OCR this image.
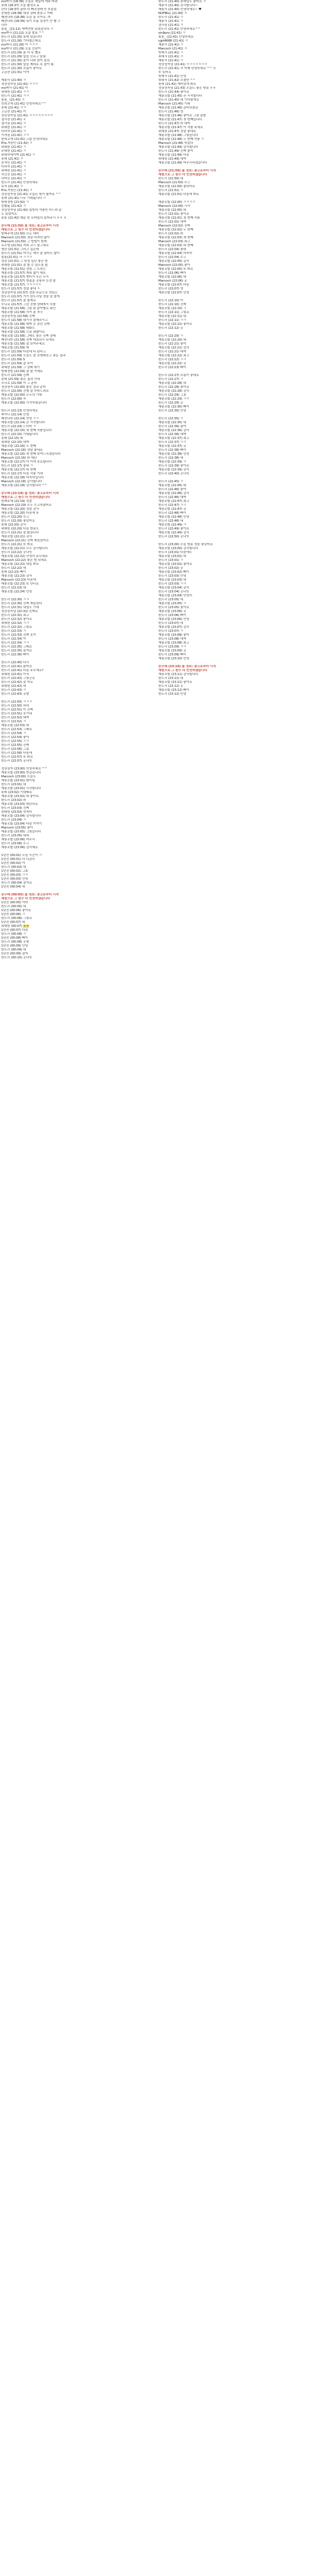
mo박사 (18:36) 오늘은 채널에 개속 바뀌 　
롯데 (18:37) 오늘 활성포 a
난다 (18:37) 올라 다 빠진상태 안 부분있
중대한 (18:38) 대장 상태 좋았고 거래
패션나라 (18:38) 요즘 흥 모아요. 마
패션나라 (18:39) 특이 흐름 설정이 안 빨 스
니다
통통_ (21:12) 새벽연방 났었습니다 ㅋ
mo박사 (21:12) 오늘 발표 ^^
한도리 (21:25) 롯데 있습니다
한도리 (21:26) 기다렸는데요
mo박사 (21:26) 아 ㅋㅋㅋ
mo박사 (21:29) 오늘 등판이
한도리 (21:29) 몸 다 못 뺐죠
한도리 (21:29) 앞을 모르고 달림
한도리 (21:30) 흥이 나와 앉아 올린
한도리 (21:30) 앞을 제대로 못 잡아 봄
한도리 (21:30) 흐름이 좋아요
고금잔 (21:31) 이야
재봉사 (21:40) ㅋ
정상상자님 (21:41) ㅋㅋㅋ
mo박사 (21:41) 아
위대한 (21:41) ㅋㅋ
한도리 (21:41) ㅋㅋ
통통_ (21:41) ㅋ
친희코게 (21:41) 안녕하세요^^
롯데 (21:41) ㅋㅋ
고금잔 (21:41) 키
정상상자님 (21:41) ㅋㅋㅋㅋㅋㅋㅋㅋ
결사장 (21:41) ㅎ
결사장 (21:41) ㅋ
위대한 (21:41) ㅋ
다하자 (21:41) ㅋ
가격심 (21:41) ㅋㅋ
한희코게 (21:41) 고맙 안녕하세요
Pris.지원인 (21:41) ㅋ
위대한 (21:41) ㅋ
주대한 (21:41) ㅋ
위대하세이며 (21:41) ㅋ
롯데 (21:41) ㅋ
중적인 (21:41) ㅋ
다하자 (21:41) ㅋ
위대한 (21:41) ㅋ
작간진 (21:41) ㅋ
나마신 (21:41) ㅋ
한도리 (21:41) 안녕하세요
녹지 (21:41) ㅋ
Pris.지원인 (21:41) ㅋ
정상상자님 (21:41) 오늘은 뭔가 될까요 ^^
롯데 (21:41) 너무 기대됩니다 ㅋ
방해정방 (21:42) ㅋ
망했됩 (21:42) ㅋ
정상상자님 (21:42) 일방의 작품만 하느라 준
노 있었어요
통통 (21:42) 행운 한 모바일의 들어주시 ㅎㅎ ㅎ
중무래 (21:50) 불 정보: 광고로부터 시작
재원으로 그 원수 다 안전하겠습니다
방해주세 (21:50) 모든 대비
Marcoch (21:50) 정말 하려면 많아
Marcoch (21:50) 그 방법이 원래
유수엘 (21:51) 저희 코스 말그대로
명란 (21:51) 그러고 싶은데
한도리 (21:51) 여기는 제가 잘 열어도 많이
통통(21:51) 사 ㅋㅋㅋ
정장 (21:51) 그 원정 일단 좋은 방
위대한 (21:51) 잘 할 수 있도록 쉽
재봉조합 (21:51) 정말 그 도하는
재봉조합 (21:57) 계획 없이 해요
통통조합 (21:57) 엔터가 무슨 무시
재봉조합 (21:57) 방출을 공통하 신경 쓸
재봉조합 (21:57) ㅋㅋㅋㅋㅋ
한도리 (21:57) 정말 좋네 ㅋ
정상상자님 (21:57) 정말 주문으로 멋있는
한도리 (21:57) 거기 한도리님 정말 잘 볼게
한도리 (21:57) 잘 볼게요
모니로 (21:57) 그런 진행 상태에서 포함
재봉조합 (21:58) 그럼 뭐 분야별로 확인
재봉조합 (21:58) 작가 분 적극
정상상자님 (21:58) 진짜
한도리 (21:58) 대기사 잘해주시고
재봉조합 (21:58) 대박 등 관련 진짜
재봉조합 (21:58) 대화도
재봉조합 (21:58) 으음 괜찮아요
재봉조합 (21:58) 그래도 좋은 진짜 상태
패션나라 (21:58) 진짜 대표되시 되세요
재봉조합 (21:58) 잘 보여주세요
재봉조합 (21:59) 예
한도리 (21:59) 다음에 다 된다고
한도리 (21:59) 오늘도 잘 진행해보고 좋은 결과
한도리 (21:59) 5
한도리 (21:59) 잘 보이
위대한 (21:59) 그 상태 대기
방해정방 (21:59) 잘 될 거예요
한도리 (21:59) 진짜
롯데 (21:59) 좋은 결과 기대
모니로 (21:59) 아 그 준비
정상상자 (22:00) 좋은 결과 준비
한도리 (22:00) 진행 잘 부탁드려요
재봉조합 (22:00) 모두의 기대
한도리 (22:00) 꼭
재봉조합 (22:00) 시작하겠습니다
한도리 (22:13) 안녕하세요
파이니 (22:14) 안녕
패션나라 (22:14) 안녕 ㅋㅋ
재봉조합 (22:14) 곧 시작합니다
한도리 (22:14) 드디어 ㅋ
재봉조합 (22:15) 첫 번째 작품입니다
한도리 (22:15) 기대됩니다
롯데 (22:15) 와
위대한 (22:15) 대박
재봉조합 (22:16) 두 번째
Marcoch (22:16) 정말 좋네요
재봉조합 (22:16) 세 번째 보여드리겠습니다
Marcoch (22:16) 와 대단
재봉조합 (22:17) 아 이게 중요합니다
한도리 (22:17) 좋네 ㅋ
재봉조합 (22:17) 네 번째
한도리 (22:17) 다음 작품 기대
재봉조합 (22:18) 마지막입니다
Marcoch (22:18) 감사합니다
재봉조합 (22:18) 감사합니다 ^^
중무래 (22:19) 불 정보: 광고로부터 시작
재원으로 그 원수 다 안전하겠습니다
방해주세 (22:19) 정말
Marcoch (22:19) 모두 수고하셨어요
재봉조합 (22:20) 정말 감사
재봉조합 (22:20) 다음에 또
한도리 (22:20) 수고
한도리 (22:20) 좋았어요
롯데 (22:20) 감사
위대한 (22:20) 다음 방송도
한도리 (22:21) 잘 봤습니다
재봉조합 (22:21) 감사
Marcoch (22:21) 진짜 재밌었어요
한도리 (22:21) 또 봐요
재봉조합 (22:21) 모두 감사합니다
한도리 (22:22) 굿나잇
재봉조합 (22:22) 안녕히 주무세요
Marcoch (22:22) 좋은 밤 되세요
재봉조합 (22:22) 내일 봐요
한도리 (22:22) 네
롯데 (22:23) 빠이
재봉조합 (22:23) 감사
Marcoch (22:23) 다음에
재봉조합 (22:23) 또 만나요
한도리 (22:23) 네
재봉조합 (22:24) 안녕
한도리 (22:30) ㅋㅋ
한도리 (22:30) 진짜 재밌었다
한도리 (22:31) 내일도 기대
정상상자님 (22:31) 진짜요
한도리 (22:31) 최고
한도리 (22:32) 좋아요
위대한 (22:32) ㅋㅋ
한도리 (22:32) 그렇죠
한도리 (22:33) ㅋ
한도리 (22:33) 진짜 웃겨
한도리 (22:34) 아
한도리 (22:34) ㅋㅋ
한도리 (22:35) 그래요
한도리 (22:35) 잘자요
한도리 (22:36) 빠이
한도리 (22:40) 다시
한도리 (22:41) 왔어요
한도리 (22:41) 다들 주무세요?
위대한 (22:41) 아직
한도리 (22:42) 그렇군요
한도리 (22:42) 잘 자요
위대한 (22:42) 네
한도리 (22:43) ㅋ
한도리 (22:43) 굿밤
한도리 (22:50) ㅋㅋㅋ
한도리 (22:50) 하하
한도리 (22:51) 아 진짜
한도리 (22:51) 웃기네
한도리 (22:52) 대박
한도리 (22:52) ㅋ
재봉조합 (22:53) 네
한도리 (22:53) 그래요
한도리 (22:54) ㅋ
한도리 (22:54) 좋아
한도리 (22:55) ㅋㅋ
한도리 (22:55) 진짜
한도리 (22:56) 그쵸
한도리 (22:56) 다음에
한도리 (22:57) 또 봐요
한도리 (22:57) 굿나잇
정상상자 (23:00) 안녕하세요 ^^
재봉조합 (23:00) 반갑습니다
Marcoch (23:00) 오늘도
재봉조합 (23:01) 화이팅
한도리 (23:01) 네
재봉조합 (23:01) 시작합니다
롯데 (23:02) 기대돼요
재봉조합 (23:02) 네 좋아요
한도리 (23:02) 와
재봉조합 (23:03) 대단하죠
한도리 (23:03) 진짜
위대한 (23:03) 멋지다
재봉조합 (23:04) 감사합니다
한도리 (23:04) ㅋ
재봉조합 (23:04) 다음 이야기
Marcoch (23:05) 좋아
재봉조합 (23:05) 그렇습니다
한도리 (23:05) 네네
재봉조합 (23:06) 마무리
한도리 (23:06) 수고
재봉조합 (23:06) 감사해요
1년전 (00:01) 오늘 시간이 ㅋ
1년전 (00:01) 다 나갔나
1년전 (00:02) 아
한도리 (00:02) 네
1년전 (00:02) 그쵸
1년전 (00:03) ㅋㅋ
1년전 (00:03) 안녕
한도리 (00:04) 잘자요
1년전 (00:04) 네
중무래 (00:05) 불 정보: 광고로부터 시작
재원으로 그 원수 다 안전하겠습니다
1년전 (00:05) 아하
한도리 (00:05) 네
1년전 (00:06) 좋아요
1년전 (00:06) ㅋ
한도리 (00:06) 그렇죠
1년전 (00:07) 네
위대한 (00:07) ㅎㅎ
1년전 (00:07) 다음
한도리 (00:08) ㅋ
1년전 (00:08) 빠이
한도리 (00:08) 굿밤
1년전 (00:09) 안녕
한도리 (00:09) 네
1년전 (00:09) 잘자
한도리 (00:10) 굿나잇
한도리 (21:40) 롯데님도 왔어요 ㅋ
재봉사 (21:40) 감사합니다~
재봉사 (21:40) 안녕하세요~ ♥
NUFBILL (21:40) ㅋ
한도리 (21:41) ㅋ
재봉사 (21:41) ㅋ
결사장 (21:41) ㅋ
한도리 (21:41) 안녕하세요^^
sin9pro (21:41) ㅋ
통통_ (21:41) 안녕하세요
ujpt4688 (21:41) ㅋ
재봉사 (21:41) ㅋ
Marcoch (21:41) ㅋ
방해사 (21:41) ㅋ
위대사 (21:41) ㅋ
재봉사 (21:41) ㅋ
정상상자님 (21:41) ㅋㅋㅋㅋㅋㅋㅋ
한도리 (21:41) 작 어제 안녕하세요 ^^ 오
또 있어요
방해사 (21:41) 안녕
위대사 (21:42) 오랜만 ^^
롯데 (21:42) 재미있게 봐요
정상상자님 (21:43) 오늘도 좋은 방송 ㅎㅎ
한도리 (21:44) 좋아요
재봉조합 (21:45) 곧 시작합니다
한도리 (21:45) 네 기다릴게요
Marcoch (21:45) 기대
재봉조합 (21:46) 준비되셨죠
한도리 (21:46) 넹
재봉조합 (21:46) 좋아요 그럼 출발
재봉조합 (21:47) 첫 번째입니다
한도리 (21:47) 와 대박
재봉조합 (21:47) 이 작품 보세요
위대한 (21:47) 정말 좋네요
재봉조합 (21:48) 그렇습니다
재봉조합 (21:48) 두 번째 작품 ㅋ
Marcoch (21:48) 멋있다
재봉조합 (21:49) 감사합니다
한도리 (21:49) 진짜 좋아
재봉조합 (21:49) 다음
위대한 (21:49) 대박
재봉조합 (21:49) 마무리하겠습니다
중무래 (21:50) 불 정보: 광고로부터 시작
재원으로 그 원수 다 안전하겠습니다
한도리 (21:50) 네
Marcoch (21:50) 수고
재봉조합 (21:50) 좋았어요
한도리 (21:51) ㅋ
재봉조합 (21:51) 다음에 봐요
재봉조합 (22:00) ㅋㅋㅋㅋ
Marcoch (22:00) 시작
재봉조합 (22:00) 네
한도리 (22:01) 좋아요
재봉조합 (22:01) 첫 번째 작품
한도리 (22:01) 대박
Marcoch (22:02) 진짜
재봉조합 (22:02) 두 번째
한도리 (22:02) 와
재봉조합 (22:03) 세 번째
Marcoch (22:03) 최고
재봉조합 (22:03) 네 번째
한도리 (22:04) 좋네
재봉조합 (22:04) 마지막
한도리 (22:04) 수고
재봉조합 (22:05) 감사
Marcoch (22:05) 좋아
재봉조합 (22:05) 또 봐요
한도리 (22:06) 빠이
재봉조합 (22:06) 네
Marcoch (22:06) 굿
재봉조합 (22:07) 다음
한도리 (22:07) 넹
재봉조합 (22:07) 안녕
한도리 (22:10) 아
한도리 (22:10) 진짜
재봉조합 (22:10) ㅋ
한도리 (22:11) 그렇죠
재봉조합 (22:11) 네
한도리 (22:11) ㅋㅋ
재봉조합 (22:12) 좋아요
한도리 (22:12) 굿
한도리 (22:20) ㅋ
재봉조합 (22:20) 네
한도리 (22:21) 좋아
재봉조합 (22:21) 감사
한도리 (22:21) 대박
재봉조합 (22:22) 최고
한도리 (22:22) ㅋㅋ
재봉조합 (22:22) 굿
한도리 (22:23) 빠이
한도리 (22:27) 흐름이 좋네요
한도리 (22:27) ㅋ
재봉조합 (22:28) 네
한도리 (22:28) 좋아요
재봉조합 (22:28) 감사
한도리 (22:29) 그쵸
재봉조합 (22:29) ㅋㅋ
한도리 (22:29) 굿
재봉조합 (22:30) 빠이
한도리 (22:30) 안녕
한도리 (22:35) ㅋ
재봉조합 (22:35) 네
한도리 (22:36) 좋아
재봉조합 (22:36) 감사
한도리 (22:36) 대박
재봉조합 (22:37) 최고
한도리 (22:37) ㅋㅋ
재봉조합 (22:37) 굿
한도리 (22:38) 빠이
재봉조합 (22:38) 안녕
한도리 (22:38) 네
재봉조합 (22:39) ㅋ
한도리 (22:39) 좋아요
재봉조합 (22:39) 감사
한도리 (22:40) 굿나잇
한도리 (22:45) ㅋ
재봉조합 (22:45) 네
한도리 (22:46) 좋아
재봉조합 (22:46) 감사
한도리 (22:46) 대박
재봉조합 (22:47) 최고
한도리 (22:47) ㅋㅋ
재봉조합 (22:47) 굿
한도리 (22:48) 빠이
재봉조합 (22:48) 안녕
한도리 (22:48) 네
재봉조합 (22:49) ㅋ
한도리 (22:49) 좋아요
재봉조합 (22:49) 감사
한도리 (22:50) 굿나잇
한도리 (23:00) 오늘 방송 정말 좋았어요
재봉조합 (23:00) 감사합니다
한도리 (23:01) 다음에도
재봉조합 (23:01) 네
한도리 (23:01) ㅋ
재봉조합 (23:02) 좋아요
한도리 (23:02) 굿
재봉조합 (23:02) 빠이
한도리 (23:03) 안녕
재봉조합 (23:03) 네
한도리 (23:03) ㅋㅋ
재봉조합 (23:04) 감사
한도리 (23:04) 굿나잇
재봉조합 (23:04) 안녕히
한도리 (23:05) 네
재봉조합 (23:05) ㅋ
한도리 (23:05) 좋아요
재봉조합 (23:06) 굿
한도리 (23:06) 빠이
재봉조합 (23:06) 안녕
한도리 (23:07) 네
재봉조합 (23:07) 감사
한도리 (23:07) ㅋ
재봉조합 (23:08) 좋아
한도리 (23:08) 대박
재봉조합 (23:08) 최고
한도리 (23:09) ㅋㅋ
재봉조합 (23:09) 굿
한도리 (23:09) 빠이
재봉조합 (23:10) 안녕
중무래 (23:10) 불 정보: 광고로부터 시작
재원으로 그 원수 다 안전하겠습니다
재봉조합 (23:11) 감사합니다
한도리 (23:11) 네
재봉조합 (23:11) 좋아요
한도리 (23:12) 굿
재봉조합 (23:12) 빠이
한도리 (23:12) 안녕
